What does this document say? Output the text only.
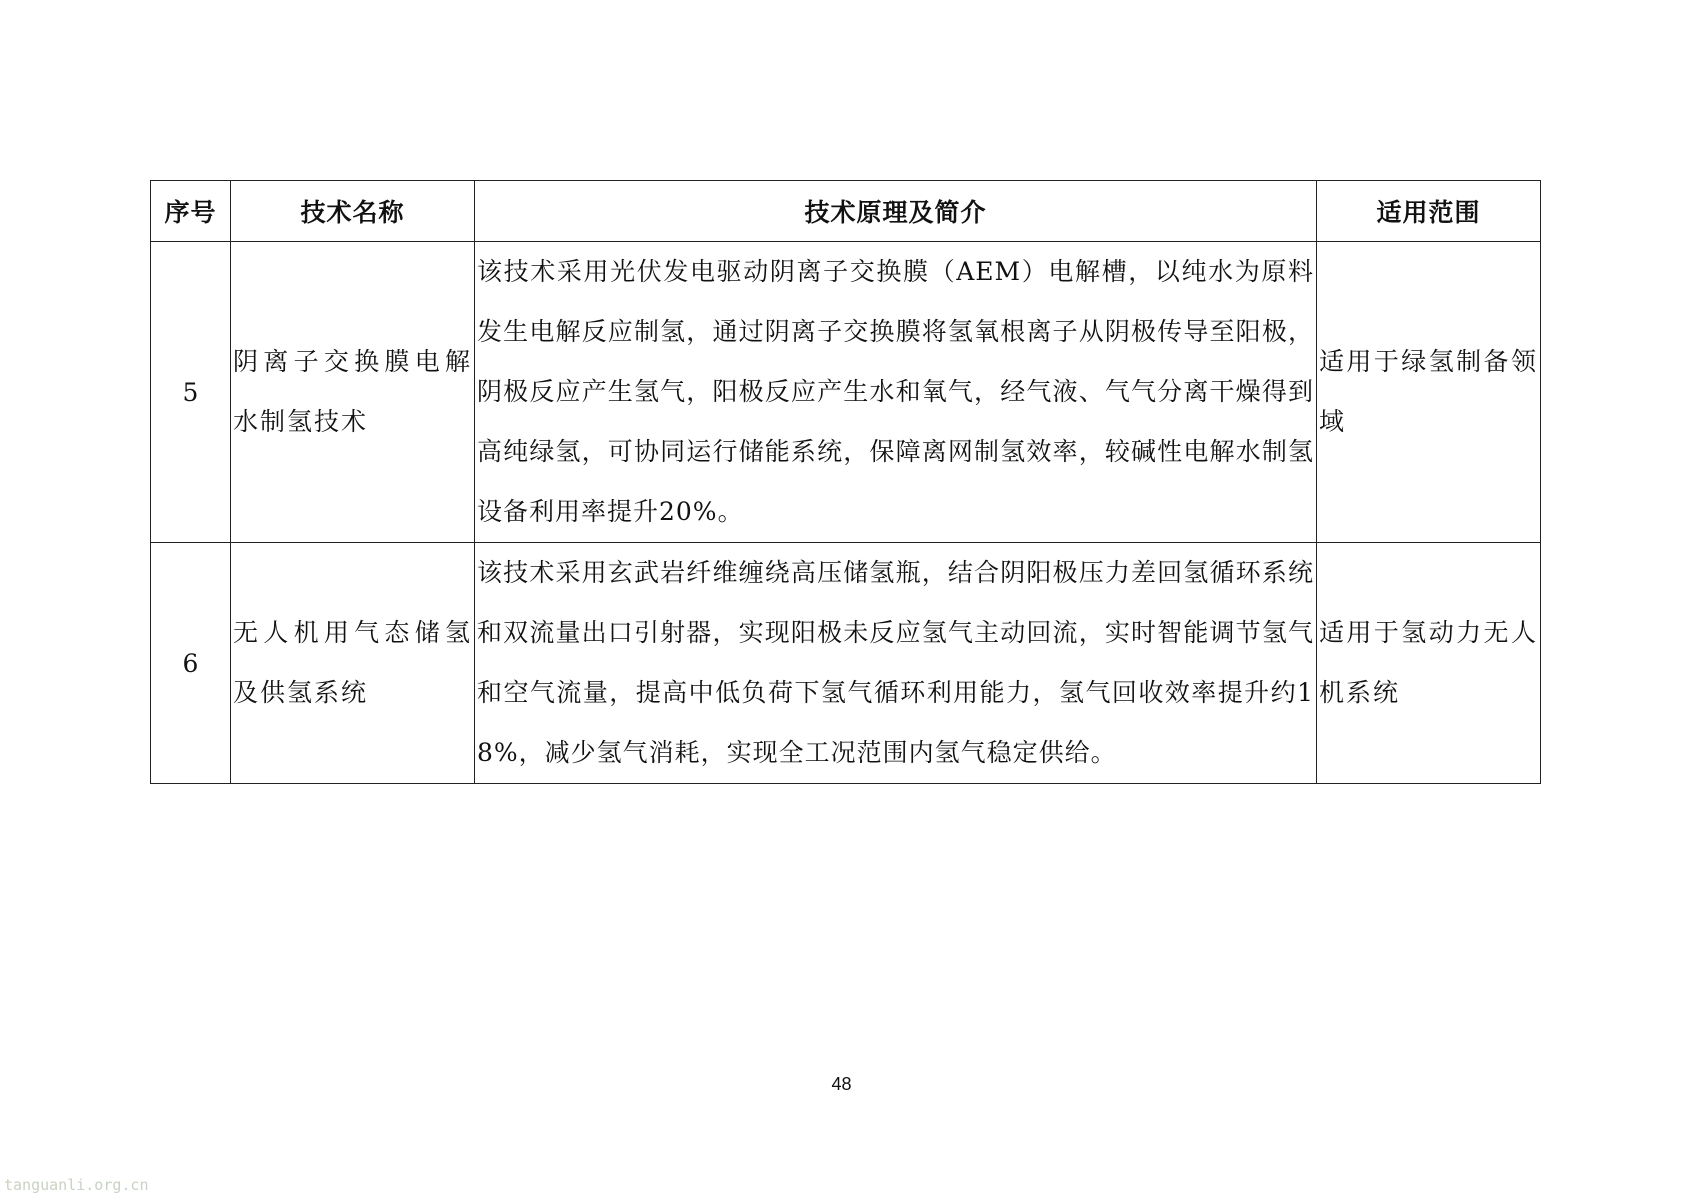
序号	技术名称	技术原理及简介	适用范围
5	阴离子交换膜电解水制氢技术	该技术采用光伏发电驱动阴离子交换膜（AEM）电解槽，以纯水为原料发生电解反应制氢，通过阴离子交换膜将氢氧根离子从阴极传导至阳极，阴极反应产生氢气，阳极反应产生水和氧气，经气液、气气分离干燥得到高纯绿氢，可协同运行储能系统，保障离网制氢效率，较碱性电解水制氢设备利用率提升20%。	适用于绿氢制备领域
6	无人机用气态储氢及供氢系统	该技术采用玄武岩纤维缠绕高压储氢瓶，结合阴阳极压力差回氢循环系统和双流量出口引射器，实现阳极未反应氢气主动回流，实时智能调节氢气和空气流量，提高中低负荷下氢气循环利用能力，氢气回收效率提升约18%，减少氢气消耗，实现全工况范围内氢气稳定供给。	适用于氢动力无人机系统
48
tanguanli.org.cn
